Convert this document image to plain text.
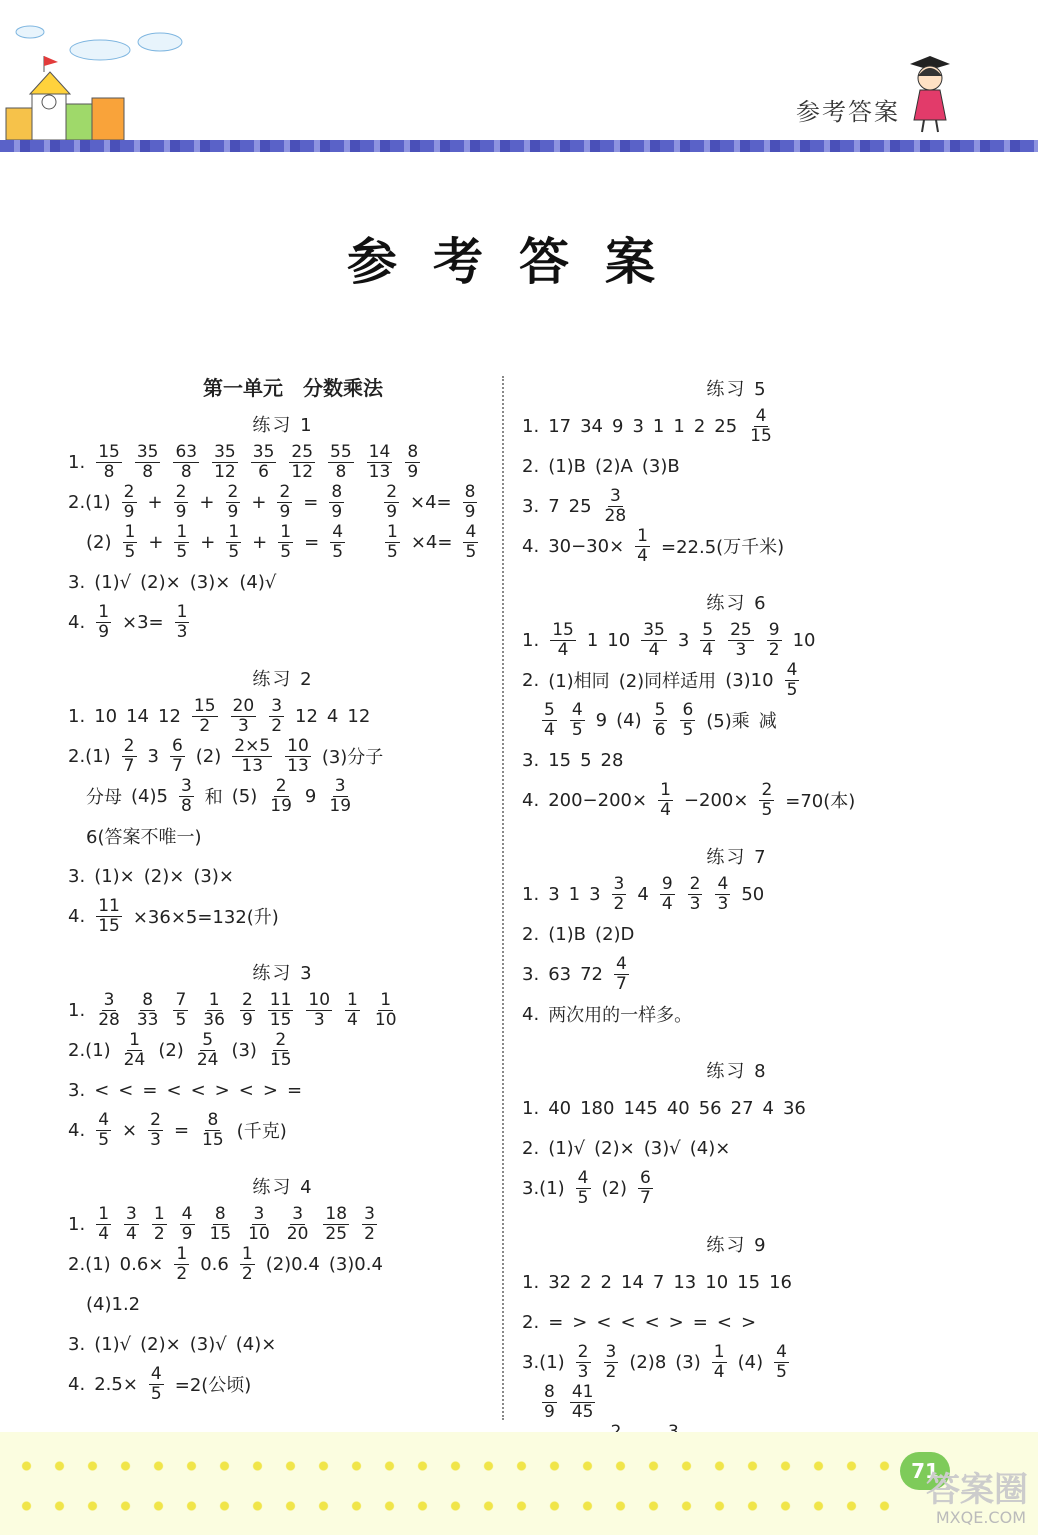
参考答案
参考答案
第一单元　分数乘法
练习 1
1. $\frac{15}{8} \frac{35}{8} \frac{63}{8} \frac{35}{12} \frac{35}{6} \frac{25}{12} \frac{55}{8} \frac{14}{13} \frac{8}{9}$
$2.(1) \frac{2}{9} + \frac{2}{9} + \frac{2}{9} + \frac{2}{9} = \frac{8}{9}$
　 $\frac{2}{9} \times 4= \frac{8}{9}$
$(2) \frac{1}{5} + \frac{1}{5} + \frac{1}{5} + \frac{1}{5} = \frac{4}{5}$
　 $\frac{1}{5} \times 4= \frac{4}{5}$
3. (1)√ (2)× (3)× (4)√
4. $\frac{1}{9} \times 3= \frac{1}{3}$
练习 2
1. 10 14 $12 \frac{15}{2} \frac{20}{3} \frac{3}{2} 12$ 4 12
$2.(1) \frac{2}{7} 3 \frac{6}{7} (2) \frac{2\times 5}{13} \frac{10}{13} (3)$分子
分母 $(4)5 \frac{3}{8}$ 和 $(5) \frac{2}{19} 9 \frac{3}{19}$
6(答案不唯一)
3. (1)× (2)× (3)×
4. $\frac{11}{15} \times 36\times 5=132$(升)
练习 3
1. $\frac{3}{28} \frac{8}{33} \frac{7}{5} \frac{1}{36} \frac{2}{9} \frac{11}{15} \frac{10}{3} \frac{1}{4} \frac{1}{10}$
$2.(1) \frac{1}{24} (2) \frac{5}{24} (3) \frac{2}{15}$
3. < < = < < > < > =
4. $\frac{4}{5} \times \frac{2}{3} = \frac{8}{15}$ (千克)
练习 4
1. $\frac{1}{4} \frac{3}{4} \frac{1}{2} \frac{4}{9} \frac{8}{15} \frac{3}{10} \frac{3}{20} \frac{18}{25} \frac{3}{2}$
2.(1) $0.6\times \frac{1}{2} 0.6 \frac{1}{2} (2)0.4$ (3)0.4
(4)1.2
3. (1)√ (2)× (3)√ (4)×
4. $2.5\times \frac{4}{5} =2$(公顷)
练习 5
1. 17 34 9 3 1 1 2 $25 \frac{4}{15}$
2. (1)B (2)A (3)B
3. 7 $25 \frac{3}{28}$
4. $30-30\times \frac{1}{4} =22.5$(万千米)
练习 6
1. $\frac{15}{4} 1$ $10 \frac{35}{4} 3 \frac{5}{4} \frac{25}{3} \frac{9}{2} 10$
2. (1)相同 (2)同样适用 $(3)10 \frac{4}{5}$
$\frac{5}{4} \frac{4}{5} 9$ $(4) \frac{5}{6} \frac{6}{5} (5)$乘 减
3. 15 5 28
4. $200-200\times \frac{1}{4} -200\times \frac{2}{5} =70$(本)
练习 7
1. 3 1 $3 \frac{3}{2} 4 \frac{9}{4} \frac{2}{3} \frac{4}{3} 50$
2. (1)B (2)D
3. 63 $72 \frac{4}{7}$
4. 两次用的一样多。
练习 8
1. 40 180 145 40 56 27 4 36
2. (1)√ (2)× (3)√ (4)×
$3.(1) \frac{4}{5} (2) \frac{6}{7}$
练习 9
1. 32 2 2 14 7 13 10 15 16
2. = > < < < > = < >
$3.(1) \frac{2}{3} \frac{3}{2} (2)8$ $(3) \frac{1}{4} (4) \frac{4}{5}$
$\frac{8}{9} \frac{41}{45}$
71
答案圈
MXQE.COM
